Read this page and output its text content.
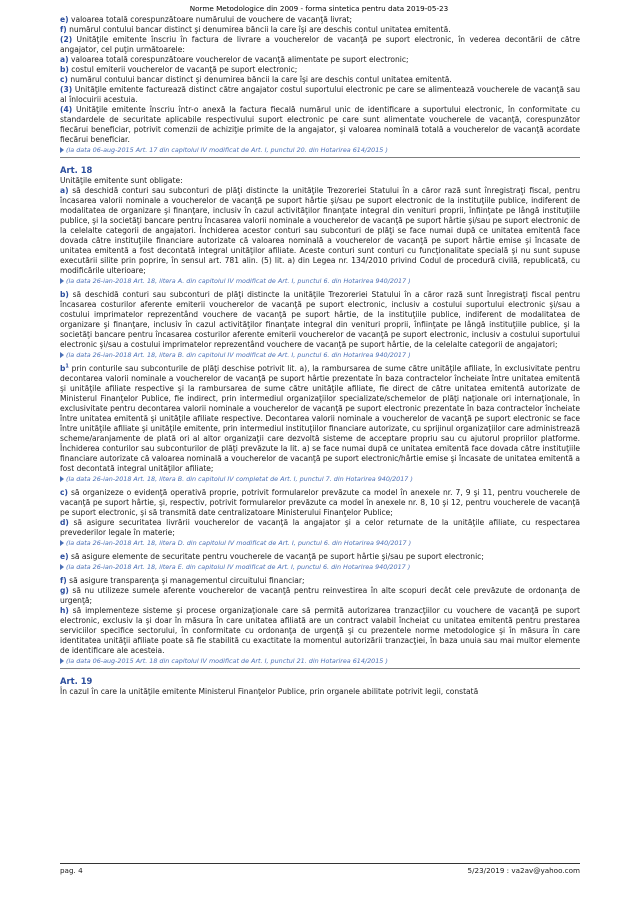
Norme Metodologice din 2009 - forma sintetica pentru data 2019-05-23

e) valoarea totală corespunzătoare numărului de vouchere de vacanţă livrat;

f) numărul contului bancar distinct şi denumirea băncii la care îşi are deschis contul unitatea emitentă.

(2) Unităţile emitente înscriu în factura de livrare a voucherelor de vacanţă pe suport electronic, în vederea decontării de către angajator, cel puţin următoarele:

a) valoarea totală corespunzătoare voucherelor de vacanţă alimentate pe suport electronic;

b) costul emiterii voucherelor de vacanţă pe suport electronic;

c) numărul contului bancar distinct şi denumirea băncii la care îşi are deschis contul unitatea emitentă.

(3) Unităţile emitente facturează distinct către angajator costul suportului electronic pe care se alimentează voucherele de vacanţă sau al înlocuirii acestuia.

(4) Unităţile emitente înscriu într-o anexă la factura fiecală numărul unic de identificare a suportului electronic, în conformitate cu standardele de securitate aplicabile respectivului suport electronic pe care sunt alimentate voucherele de vacanţă, corespunzător fiecărui beneficiar, potrivit comenzii de achiziţie primite de la angajator, şi valoarea nominală totală a voucherelor de vacanţă acordate fiecărui beneficiar.

(la data 06-aug-2015 Art. 17 din capitolul IV modificat de Art. I, punctul 20. din Hotarirea 614/2015 )

Art. 18

Unităţile emitente sunt obligate:

a) să deschidă conturi sau subconturi de plăţi distincte la unităţile Trezoreriei Statului în a căror rază sunt înregistraţi fiscal, pentru încasarea valorii nominale a voucherelor de vacanţă pe suport hârtie şi/sau pe suport electronic de la instituţiile publice, indiferent de modalitatea de organizare şi finanţare, inclusiv în cazul activităţilor finanţate integral din venituri proprii, înfiinţate pe lângă instituţiile publice, şi la societăţi bancare pentru încasarea valorii nominale a voucherelor de vacanţă pe suport hârtie şi/sau pe suport electronic de la celelalte categorii de angajatori. Închiderea acestor conturi sau subconturi de plăţi se face numai după ce unitatea emitentă face dovada către instituţiile financiare autorizate că valoarea nominală a voucherelor de vacanţă pe suport hârtie emise şi încasate de unitatea emitentă a fost decontată integral unităţilor afiliate. Aceste conturi sunt conturi cu funcţionalitate specială şi nu sunt supuse executării silite prin poprire, în sensul art. 781 alin. (5) lit. a) din Legea nr. 134/2010 privind Codul de procedură civilă, republicată, cu modificările ulterioare;

(la data 26-ian-2018 Art. 18, litera A. din capitolul IV modificat de Art. I, punctul 6. din Hotarirea 940/2017 )

b) să deschidă conturi sau subconturi de plăţi distincte la unităţile Trezoreriei Statului în a căror rază sunt înregistraţi fiscal pentru încasarea costurilor aferente emiterii voucherelor de vacanţă pe suport electronic, inclusiv a costului suportului electronic şi/sau a costului imprimatelor reprezentând vouchere de vacanţă pe suport hârtie, de la instituţiile publice, indiferent de modalitatea de organizare şi finanţare, inclusiv în cazul activităţilor finanţate integral din venituri proprii, înfiinţate pe lângă instituţiile publice, şi la societăţi bancare pentru încasarea costurilor aferente emiterii voucherelor de vacanţă pe suport electronic, inclusiv a costului suportului electronic şi/sau a costului imprimatelor reprezentând vouchere de vacanţă pe suport hârtie, de la celelalte categorii de angajatori;

(la data 26-ian-2018 Art. 18, litera B. din capitolul IV modificat de Art. I, punctul 6. din Hotarirea 940/2017 )

$b^1$ prin conturile sau subconturile de plăţi deschise potrivit lit. a), la rambursarea de sume către unităţile afiliate, în exclusivitate pentru decontarea valorii nominale a voucherelor de vacanţă pe suport hârtie prezentate în baza contractelor încheiate între unitatea emitentă şi unităţile afiliate respective şi la rambursarea de sume către unităţile afiliate, fie direct de către unitatea emitentă autorizate de Ministerul Finanţelor Publice, fie indirect, prin intermediul organizaţiilor specializate/schemelor de plăţi naţionale ori internaţionale, în exclusivitate pentru decontarea valorii nominale a voucherelor de vacanţă pe suport electronic prezentate în baza contractelor încheiate între unitatea emitentă şi unităţile afiliate respective. Decontarea valorii nominale a voucherelor de vacanţă pe suport electronic se face între unităţile afiliate şi unităţile emitente, prin intermediul instituţiilor financiare autorizate, cu sprijinul organizaţiilor care administrează scheme/aranjamente de plată ori al altor organizaţii care dezvoltă sisteme de acceptare propriu sau cu ajutorul propriilor platforme. Închiderea conturilor sau subconturilor de plăţi prevăzute la lit. a) se face numai după ce unitatea emitentă face dovada către instituţiile financiare autorizate că valoarea nominală a voucherelor de vacanţă pe suport electronic/hârtie emise şi încasate de unitatea emitentă a fost decontată integral unităţilor afiliate;

(la data 26-ian-2018 Art. 18, litera B. din capitolul IV completat de Art. I, punctul 7. din Hotarirea 940/2017 )

c) să organizeze o evidenţă operativă proprie, potrivit formularelor prevăzute ca model în anexele nr. 7, 9 şi 11, pentru voucherele de vacanţă pe suport hârtie, şi, respectiv, potrivit formularelor prevăzute ca model în anexele nr. 8, 10 şi 12, pentru voucherele de vacanţă pe suport electronic, şi să transmită date centralizatoare Ministerului Finanţelor Publice;

d) să asigure securitatea livrării voucherelor de vacanţă la angajator şi a celor returnate de la unităţile afiliate, cu respectarea prevederilor legale în materie;

(la data 26-ian-2018 Art. 18, litera D. din capitolul IV modificat de Art. I, punctul 6. din Hotarirea 940/2017 )

e) să asigure elemente de securitate pentru voucherele de vacanţă pe suport hârtie şi/sau pe suport electronic;

(la data 26-ian-2018 Art. 18, litera E. din capitolul IV modificat de Art. I, punctul 6. din Hotarirea 940/2017 )

f) să asigure transparenţa şi managementul circuitului financiar;

g) să nu utilizeze sumele aferente voucherelor de vacanţă pentru reinvestirea în alte scopuri decât cele prevăzute de ordonanţa de urgenţă;

h) să implementeze sisteme şi procese organizaţionale care să permită autorizarea tranzacţiilor cu vouchere de vacanţă pe suport electronic, exclusiv la şi doar în măsura în care unitatea afiliată are un contract valabil încheiat cu unitatea emitentă pentru prestarea serviciilor specifice sectorului, în conformitate cu ordonanţa de urgenţă şi cu prezentele norme metodologice şi în măsura în care identitatea unităţii afiliate poate să fie stabilită cu exactitate la momentul autorizării tranzacţiei, în baza unuia sau mai multor elemente de identificare ale acesteia.

(la data 06-aug-2015 Art. 18 din capitolul IV modificat de Art. I, punctul 21. din Hotarirea 614/2015 )

Art. 19

În cazul în care la unităţile emitente Ministerul Finanţelor Publice, prin organele abilitate potrivit legii, constată

pag. 4	5/23/2019 : va2av@yahoo.com
